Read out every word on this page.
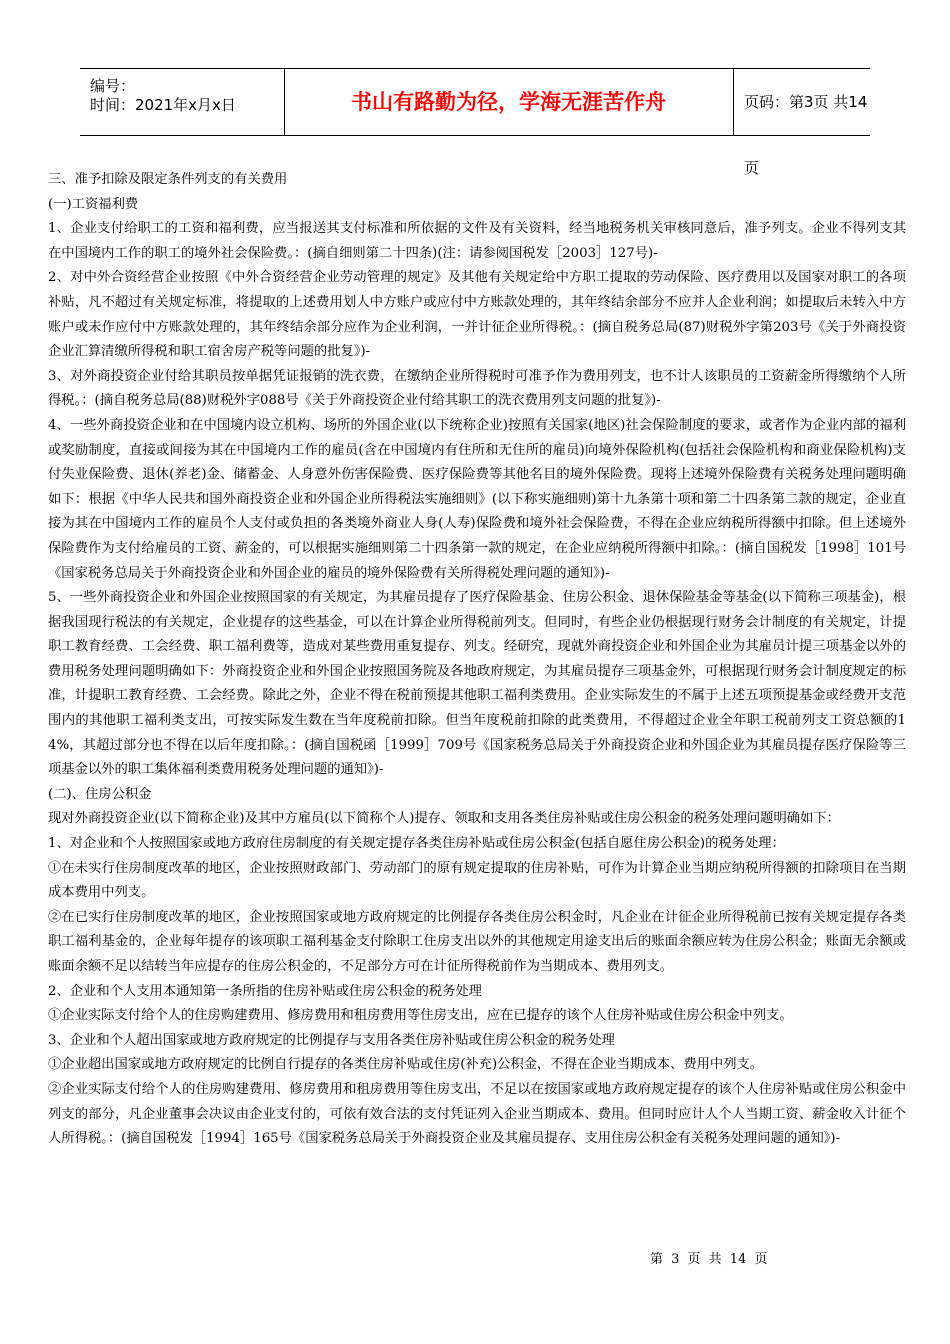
编号：
时间：2021年x月x日	书山有路勤为径，学海无涯苦作舟	页码：第3页 共14页

三、准予扣除及限定条件列支的有关费用

(一)工资福利费

1、企业支付给职工的工资和福利费，应当报送其支付标准和所依据的文件及有关资料，经当地税务机关审核同意后，准予列支。企业不得列支其在中国境内工作的职工的境外社会保险费。：(摘自细则第二十四条)(注：请参阅国税发［2003］127号)-

2、对中外合资经营企业按照《中外合资经营企业劳动管理的规定》及其他有关规定给中方职工提取的劳动保险、医疗费用以及国家对职工的各项补贴，凡不超过有关规定标准，将提取的上述费用划人中方账户或应付中方账款处理的，其年终结余部分不应并人企业利润；如提取后未转入中方账户或未作应付中方账款处理的，其年终结余部分应作为企业利润，一并计征企业所得税。：(摘自税务总局(87)财税外字第203号《关于外商投资企业汇算清缴所得税和职工宿舍房产税等问题的批复》)-

3、对外商投资企业付给其职员按单据凭证报销的洗衣费，在缴纳企业所得税时可准予作为费用列支，也不计人该职员的工资薪金所得缴纳个人所得税。：(摘自税务总局(88)财税外字088号《关于外商投资企业付给其职工的洗衣费用列支问题的批复》)-

4、一些外商投资企业和在中国境内设立机构、场所的外国企业(以下统称企业)按照有关国家(地区)社会保险制度的要求，或者作为企业内部的福利或奖励制度，直接或间接为其在中国境内工作的雇员(含在中国境内有住所和无住所的雇员)向境外保险机构(包括社会保险机构和商业保险机构)支付失业保险费、退休(养老)金、储蓄金、人身意外伤害保险费、医疗保险费等其他名目的境外保险费。现将上述境外保险费有关税务处理问题明确如下：根据《中华人民共和国外商投资企业和外国企业所得税法实施细则》(以下称实施细则)第十九条第十项和第二十四条第二款的规定，企业直接为其在中国境内工作的雇员个人支付或负担的各类境外商业人身(人寿)保险费和境外社会保险费，不得在企业应纳税所得额中扣除。但上述境外保险费作为支付给雇员的工资、薪金的，可以根据实施细则第二十四条第一款的规定，在企业应纳税所得额中扣除。：(摘自国税发［1998］101号《国家税务总局关于外商投资企业和外国企业的雇员的境外保险费有关所得税处理问题的通知》)-

5、一些外商投资企业和外国企业按照国家的有关规定，为其雇员提存了医疗保险基金、住房公积金、退休保险基金等基金(以下简称三项基金)，根据我国现行税法的有关规定，企业提存的这些基金，可以在计算企业所得税前列支。但同时，有些企业仍根据现行财务会计制度的有关规定，计提职工教育经费、工会经费、职工福利费等，造成对某些费用重复提存、列支。经研究，现就外商投资企业和外国企业为其雇员计提三项基金以外的费用税务处理问题明确如下：外商投资企业和外国企业按照国务院及各地政府规定，为其雇员提存三项基金外，可根据现行财务会计制度规定的标准，计提职工教育经费、工会经费。除此之外，企业不得在税前预提其他职工福利类费用。企业实际发生的不属于上述五项预提基金或经费开支范围内的其他职工福利类支出，可按实际发生数在当年度税前扣除。但当年度税前扣除的此类费用，不得超过企业全年职工税前列支工资总额的14%，其超过部分也不得在以后年度扣除。：(摘自国税函［1999］709号《国家税务总局关于外商投资企业和外国企业为其雇员提存医疗保险等三项基金以外的职工集体福利类费用税务处理问题的通知》)-

(二)、住房公积金

现对外商投资企业(以下简称企业)及其中方雇员(以下简称个人)提存、领取和支用各类住房补贴或住房公积金的税务处理问题明确如下：

1、对企业和个人按照国家或地方政府住房制度的有关规定提存各类住房补贴或住房公积金(包括自愿住房公积金)的税务处理：

①在未实行住房制度改革的地区，企业按照财政部门、劳动部门的原有规定提取的住房补贴，可作为计算企业当期应纳税所得额的扣除项目在当期成本费用中列支。

②在已实行住房制度改革的地区，企业按照国家或地方政府规定的比例提存各类住房公积金时，凡企业在计征企业所得税前已按有关规定提存各类职工福利基金的，企业每年提存的该项职工福利基金支付除职工住房支出以外的其他规定用途支出后的账面余额应转为住房公积金；账面无余额或账面余额不足以结转当年应提存的住房公积金的，不足部分方可在计征所得税前作为当期成本、费用列支。

2、企业和个人支用本通知第一条所指的住房补贴或住房公积金的税务处理

①企业实际支付给个人的住房购建费用、修房费用和租房费用等住房支出，应在已提存的该个人住房补贴或住房公积金中列支。

3、企业和个人超出国家或地方政府规定的比例提存与支用各类住房补贴或住房公积金的税务处理

①企业超出国家或地方政府规定的比例自行提存的各类住房补贴或住房(补充)公积金，不得在企业当期成本、费用中列支。

②企业实际支付给个人的住房购建费用、修房费用和租房费用等住房支出，不足以在按国家或地方政府规定提存的该个人住房补贴或住房公积金中列支的部分，凡企业董事会决议由企业支付的，可依有效合法的支付凭证列入企业当期成本、费用。但同时应计人个人当期工资、薪金收入计征个人所得税。：(摘自国税发［1994］165号《国家税务总局关于外商投资企业及其雇员提存、支用住房公积金有关税务处理问题的通知》)-

第 3 页 共 14 页
